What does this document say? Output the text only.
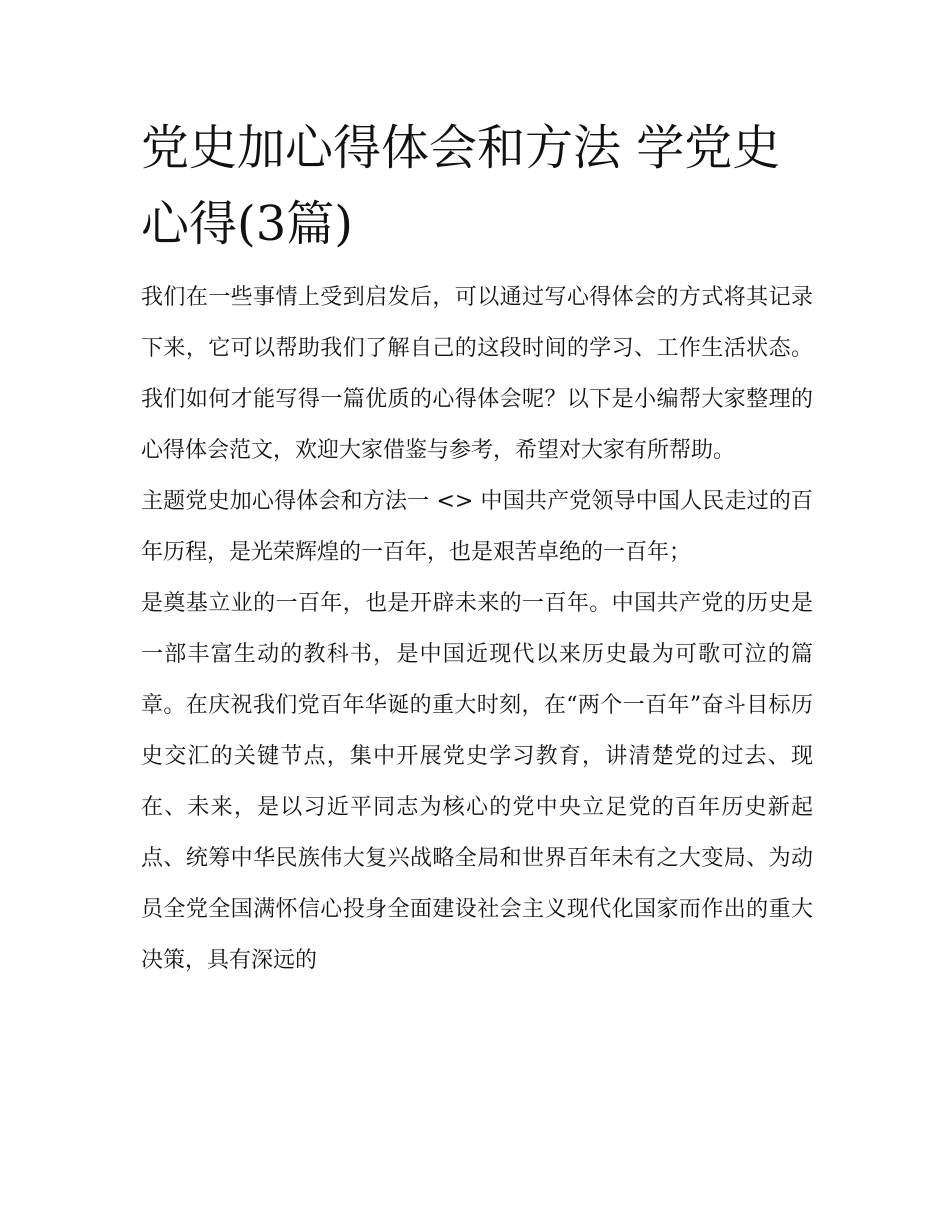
党史加心得体会和方法 学党史心得(3篇)

我们在一些事情上受到启发后，可以通过写心得体会的方式将其记录下来，它可以帮助我们了解自己的这段时间的学习、工作生活状态。我们如何才能写得一篇优质的心得体会呢？以下是小编帮大家整理的心得体会范文，欢迎大家借鉴与参考，希望对大家有所帮助。

主题党史加心得体会和方法一 <> 中国共产党领导中国人民走过的百年历程，是光荣辉煌的一百年，也是艰苦卓绝的一百年；

是奠基立业的一百年，也是开辟未来的一百年。中国共产党的历史是一部丰富生动的教科书，是中国近现代以来历史最为可歌可泣的篇章。在庆祝我们党百年华诞的重大时刻，在“两个一百年”奋斗目标历史交汇的关键节点，集中开展党史学习教育，讲清楚党的过去、现在、未来，是以习近平同志为核心的党中央立足党的百年历史新起点、统筹中华民族伟大复兴战略全局和世界百年未有之大变局、为动员全党全国满怀信心投身全面建设社会主义现代化国家而作出的重大决策，具有深远的
